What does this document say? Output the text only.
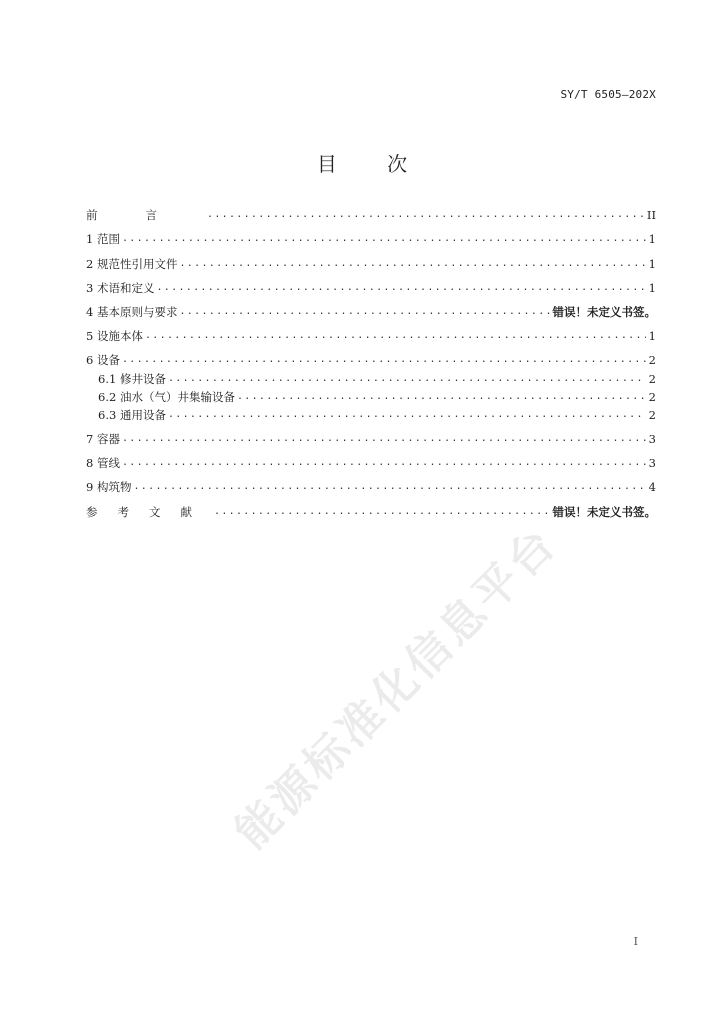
SY/T 6505—202X
目	次
前言 .....	II
1 范围 .....	1
2 规范性引用文件 .....	1
3 术语和定义 .....	1
4 基本原则与要求 .....	错误！未定义书签。
5 设施本体 .....	1
6 设备 .....	2
6.1 修井设备 .....	2
6.2 油水（气）井集输设备 .....	2
6.3 通用设备 .....	2
7 容器 .....	3
8 管线 .....	3
9 构筑物 .....	4
参考文献 .....	错误！未定义书签。
能源标准化信息平台
I
